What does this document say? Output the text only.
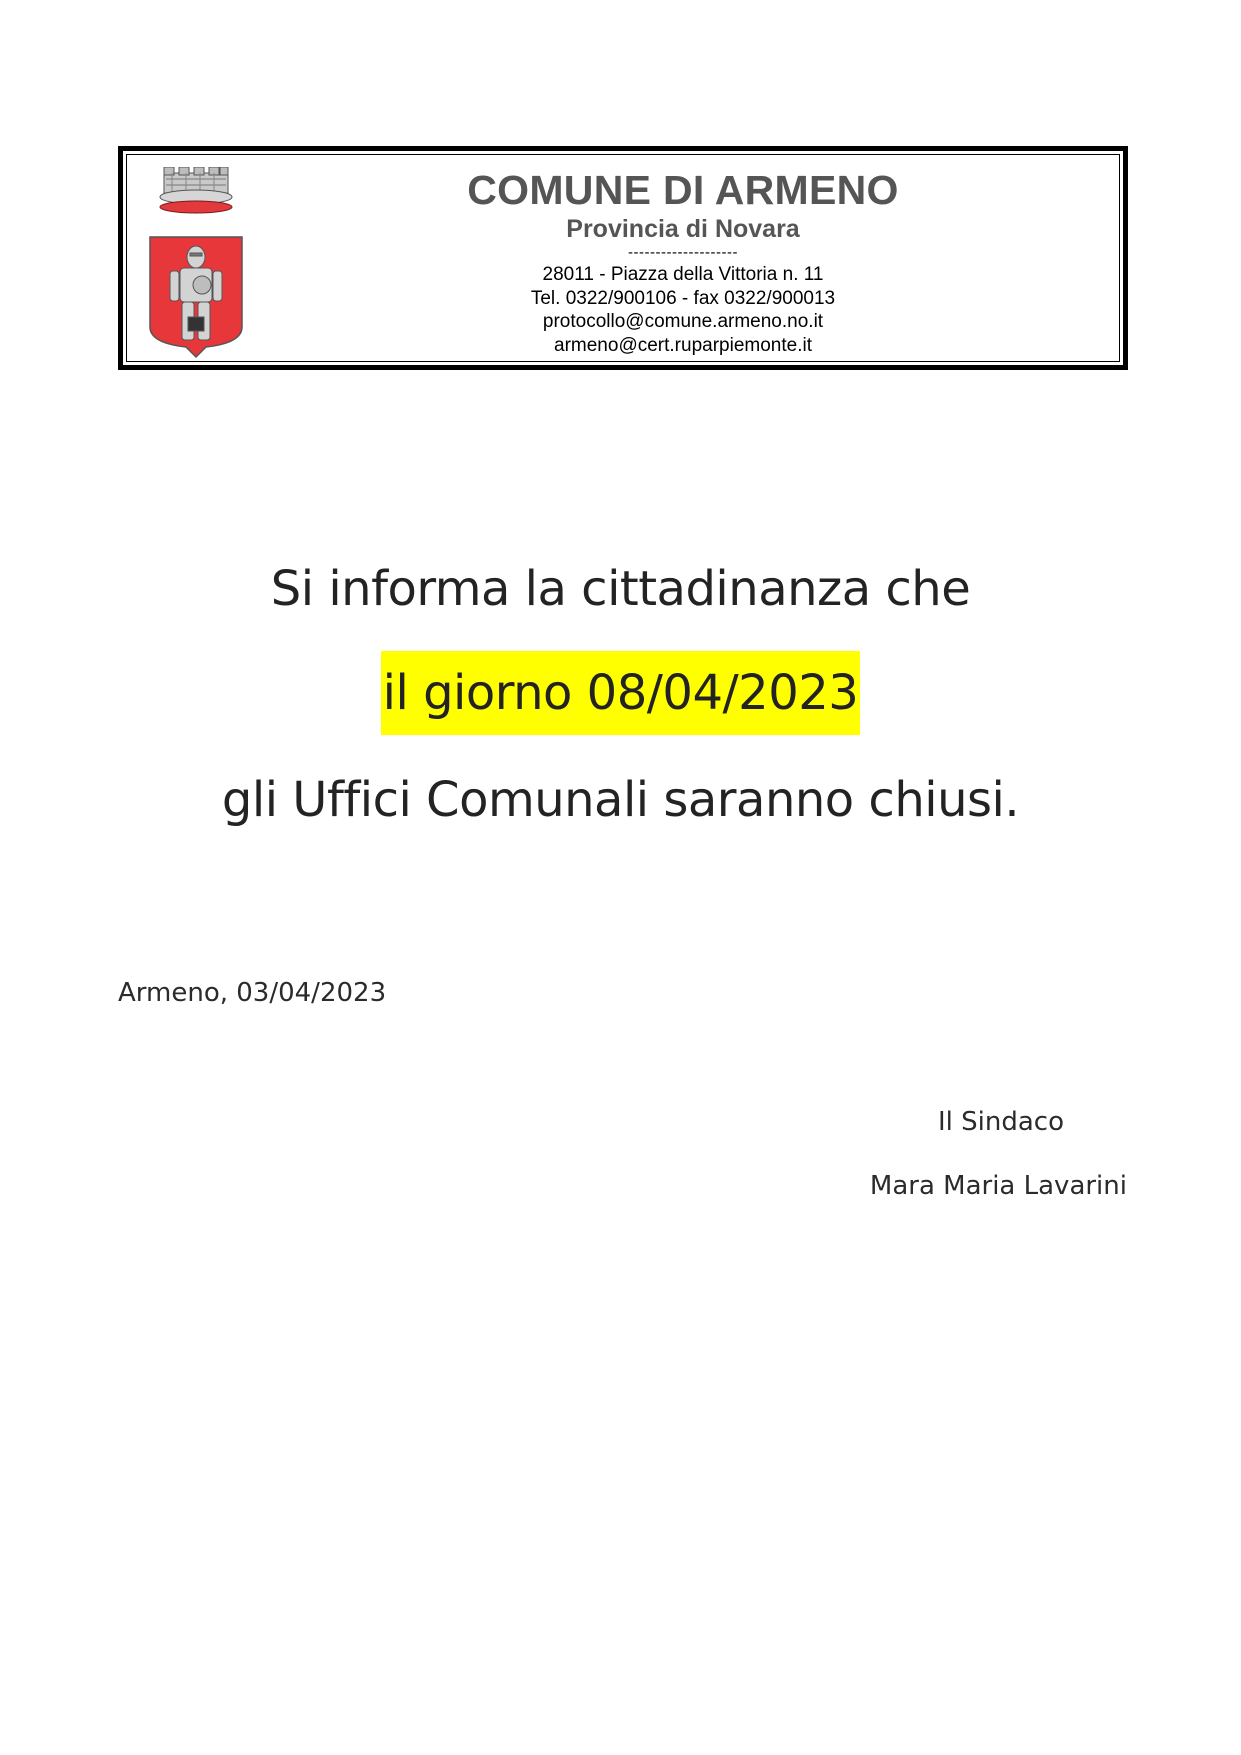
COMUNE DI ARMENO
Provincia di Novara
--------------------
28011 - Piazza della Vittoria n. 11
Tel. 0322/900106 - fax 0322/900013
protocollo@comune.armeno.no.it
armeno@cert.ruparpiemonte.it
Si informa la cittadinanza che
il giorno 08/04/2023
gli Uffici Comunali saranno chiusi.
Armeno, 03/04/2023
Il Sindaco
Mara Maria Lavarini
